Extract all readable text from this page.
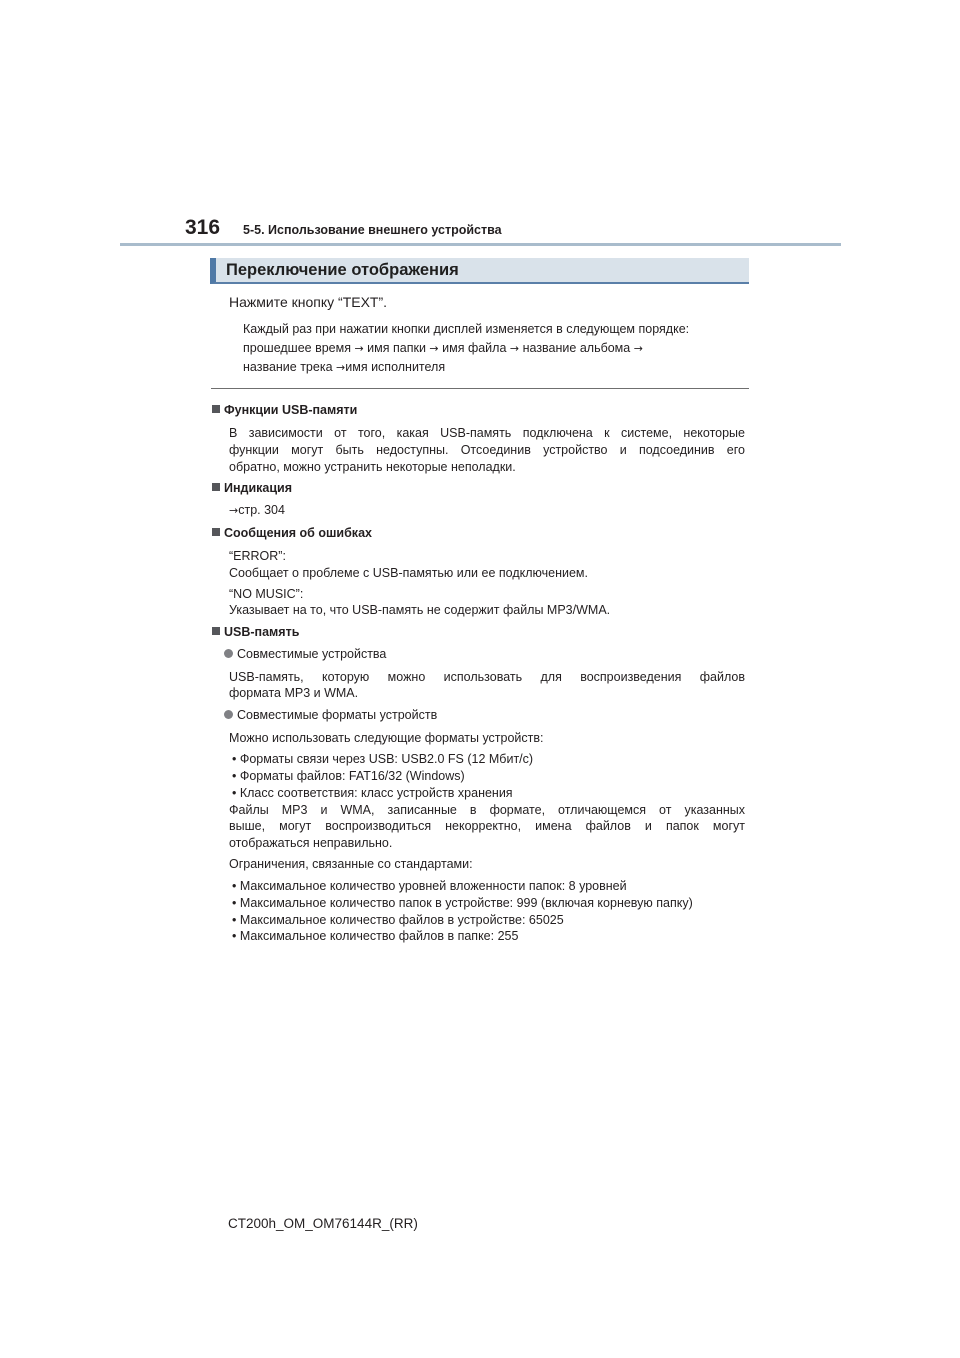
316 5-5. Использование внешнего устройства
Переключение отображения
Нажмите кнопку “TEXT”.
Каждый раз при нажатии кнопки дисплей изменяется в следующем порядке:
прошедшее время → имя папки → имя файла → название альбома →
название трека →имя исполнителя
Функции USB-памяти
В зависимости от того, какая USB-память подключена к системе, некоторые
функции могут быть недоступны. Отсоединив устройство и подсоединив его
обратно, можно устранить некоторые неполадки.
Индикация
→стр. 304
Сообщения об ошибках
“ERROR”:
Сообщает о проблеме с USB-памятью или ее подключением.
“NO MUSIC”:
Указывает на то, что USB-память не содержит файлы MP3/WMA.
USB-память
Совместимые устройства
USB-память, которую можно использовать для воспроизведения файлов
формата MP3 и WMA.
Совместимые форматы устройств
Можно использовать следующие форматы устройств:
• Форматы связи через USB: USB2.0 FS (12 Мбит/с)
• Форматы файлов: FAT16/32 (Windows)
• Класс соответствия: класс устройств хранения
Файлы MP3 и WMA, записанные в формате, отличающемся от указанных
выше, могут воспроизводиться некорректно, имена файлов и папок могут
отображаться неправильно.
Ограничения, связанные со стандартами:
• Максимальное количество уровней вложенности папок: 8 уровней
• Максимальное количество папок в устройстве: 999 (включая корневую папку)
• Максимальное количество файлов в устройстве: 65025
• Максимальное количество файлов в папке: 255
CT200h_OM_OM76144R_(RR)
